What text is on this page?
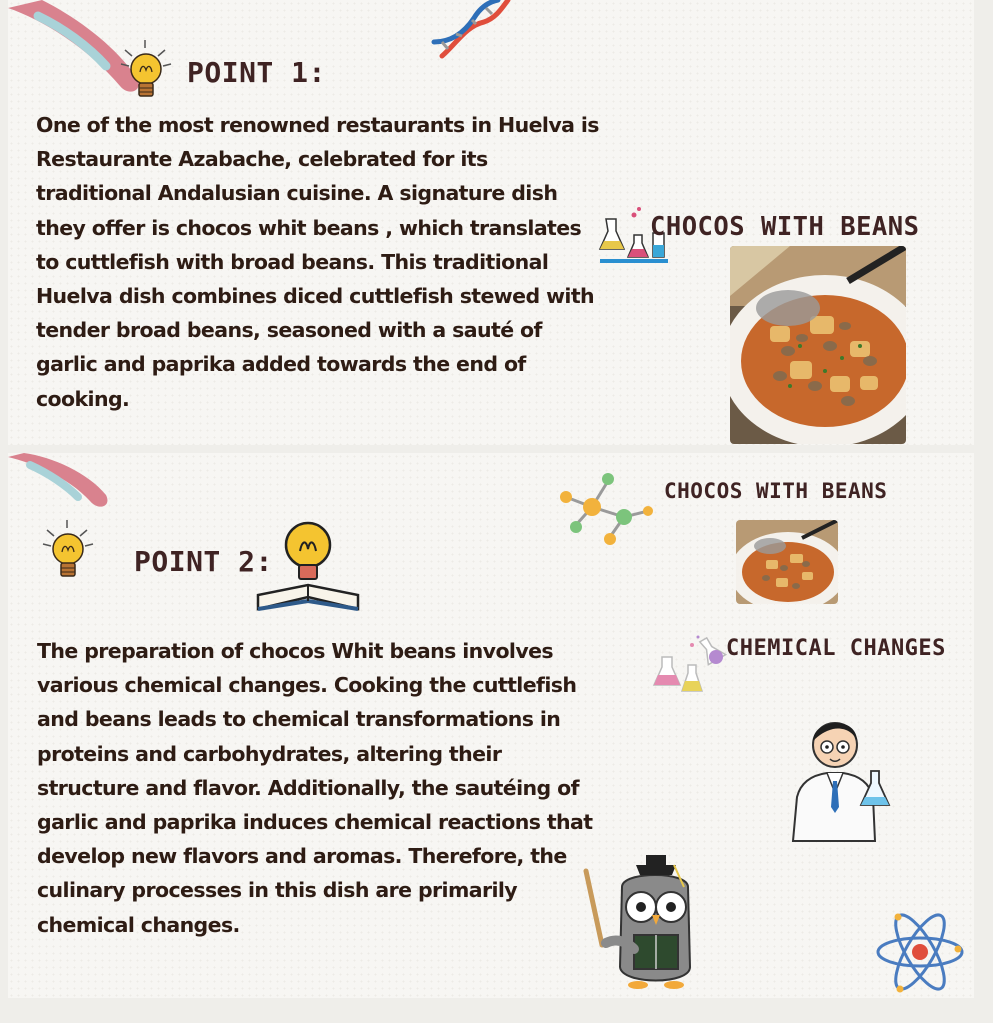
POINT 1:

One of the most renowned restaurants in Huelva is Restaurante Azabache, celebrated for its traditional Andalusian cuisine. A signature dish they offer is chocos whit beans , which translates to cuttlefish with broad beans. This traditional Huelva dish combines diced cuttlefish stewed with tender broad beans, seasoned with a sauté of garlic and paprika added towards the end of cooking.

CHOCOS WITH BEANS
POINT 2:
CHOCOS WITH BEANS
CHEMICAL CHANGES

The preparation of chocos Whit beans involves various chemical changes. Cooking the cuttlefish and beans leads to chemical transformations in proteins and carbohydrates, altering their structure and flavor. Additionally, the sautéing of garlic and paprika induces chemical reactions that develop new flavors and aromas. Therefore, the culinary processes in this dish are primarily chemical changes.
